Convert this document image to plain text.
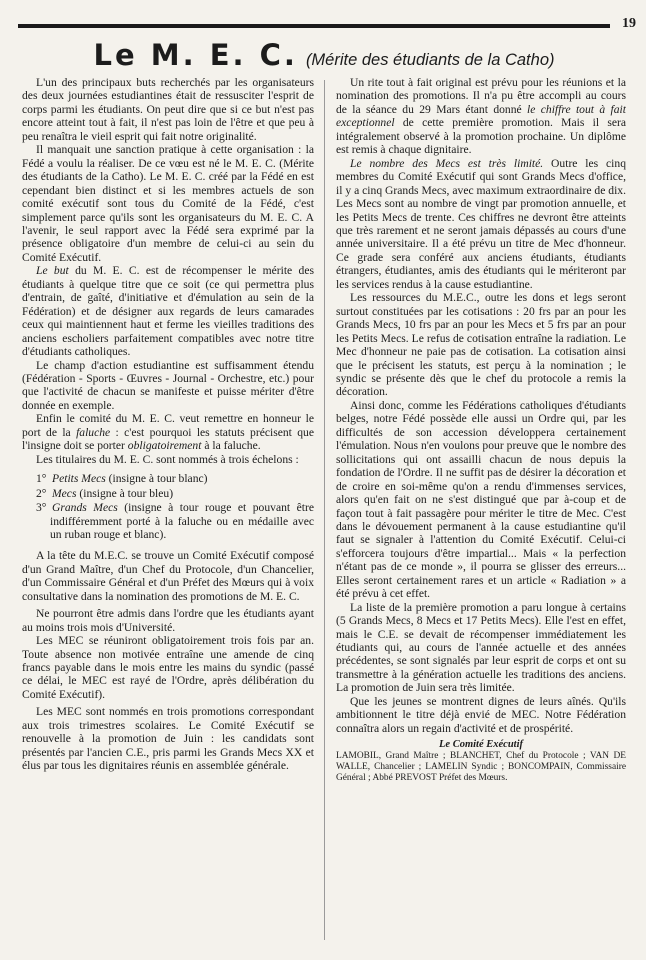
19
Le M. E. C. (Mérite des étudiants de la Catho)

L'un des principaux buts recherchés par les organisateurs des deux journées estudiantines était de ressusciter l'esprit de corps parmi les étudiants. On peut dire que si ce but n'est pas encore atteint tout à fait, il n'est pas loin de l'être et que peu à peu renaîtra le vieil esprit qui fait notre originalité.

Il manquait une sanction pratique à cette organisation : la Fédé a voulu la réaliser. De ce vœu est né le M. E. C. (Mérite des étudiants de la Catho). Le M. E. C. créé par la Fédé en est cependant bien distinct et si les membres actuels de son comité exécutif sont tous du Comité de la Fédé, c'est simplement parce qu'ils sont les organisateurs du M. E. C. A l'avenir, le seul rapport avec la Fédé sera exprimé par la présence obligatoire d'un membre de celui-ci au sein du Comité Exécutif.

Le but du M. E. C. est de récompenser le mérite des étudiants à quelque titre que ce soit (ce qui permettra plus d'entrain, de gaîté, d'initiative et d'émulation au sein de la Fédération) et de désigner aux regards de leurs camarades ceux qui maintiennent haut et ferme les vieilles traditions des anciens escholiers parfaitement compatibles avec notre titre d'étudiants catholiques.

Le champ d'action estudiantine est suffisamment étendu (Fédération - Sports - Œuvres - Journal - Orchestre, etc.) pour que l'activité de chacun se manifeste et puisse mériter d'être donnée en exemple.

Enfin le comité du M. E. C. veut remettre en honneur le port de la faluche : c'est pourquoi les statuts précisent que l'insigne doit se porter obligatoirement à la faluche.

Les titulaires du M. E. C. sont nommés à trois échelons :

1° Petits Mecs (insigne à tour blanc)
2° Mecs (insigne à tour bleu)
3° Grands Mecs (insigne à tour rouge et pouvant être indifféremment porté à la faluche ou en médaille avec un ruban rouge et blanc).

A la tête du M.E.C. se trouve un Comité Exécutif composé d'un Grand Maître, d'un Chef du Protocole, d'un Chancelier, d'un Commissaire Général et d'un Préfet des Mœurs qui à voix consultative dans la nomination des promotions de M. E. C.

Ne pourront être admis dans l'ordre que les étudiants ayant au moins trois mois d'Université.

Les MEC se réuniront obligatoirement trois fois par an. Toute absence non motivée entraîne une amende de cinq francs payable dans le mois entre les mains du syndic (passé ce délai, le MEC est rayé de l'Ordre, après délibération du Comité Exécutif).

Les MEC sont nommés en trois promotions correspondant aux trois trimestres scolaires. Le Comité Exécutif se renouvelle à la promotion de Juin : les candidats sont présentés par l'ancien C.E., pris parmi les Grands Mecs XX et élus par tous les dignitaires réunis en assemblée générale.

Un rite tout à fait original est prévu pour les réunions et la nomination des promotions. Il n'a pu être accompli au cours de la séance du 29 Mars étant donné le chiffre tout à fait exceptionnel de cette première promotion. Mais il sera intégralement observé à la promotion prochaine. Un diplôme est remis à chaque dignitaire.

Le nombre des Mecs est très limité. Outre les cinq membres du Comité Exécutif qui sont Grands Mecs d'office, il y a cinq Grands Mecs, avec maximum extraordinaire de dix. Les Mecs sont au nombre de vingt par promotion annuelle, et les Petits Mecs de trente. Ces chiffres ne devront être atteints que très rarement et ne seront jamais dépassés au cours d'une année universitaire. Il a été prévu un titre de Mec d'honneur. Ce grade sera conféré aux anciens étudiants, étudiants étrangers, étudiantes, amis des étudiants qui le mériteront par les services rendus à la cause estudiantine.

Les ressources du M.E.C., outre les dons et legs seront surtout constituées par les cotisations : 20 frs par an pour les Grands Mecs, 10 frs par an pour les Mecs et 5 frs par an pour les Petits Mecs. Le refus de cotisation entraîne la radiation. Le Mec d'honneur ne paie pas de cotisation. La cotisation ainsi que le précisent les statuts, est perçu à la nomination ; le syndic se présente dès que le chef du protocole a remis la décoration.

Ainsi donc, comme les Fédérations catholiques d'étudiants belges, notre Fédé possède elle aussi un Ordre qui, par les difficultés de son accession développera certainement l'émulation. Nous n'en voulons pour preuve que le nombre des sollicitations qui ont assailli chacun de nous depuis la fondation de l'Ordre. Il ne suffit pas de désirer la décoration et de croire en soi-même qu'on a rendu d'immenses services, alors qu'en fait on ne s'est distingué que par à-coup et de façon tout à fait passagère pour mériter le titre de Mec. C'est dans le dévouement permanent à la cause estudiantine qu'il faut se signaler à l'attention du Comité Exécutif. Celui-ci s'efforcera toujours d'être impartial... Mais « la perfection n'étant pas de ce monde », il pourra se glisser des erreurs... Elles seront certainement rares et un article « Radiation » a été prévu à cet effet.

La liste de la première promotion a paru longue à certains (5 Grands Mecs, 8 Mecs et 17 Petits Mecs). Elle l'est en effet, mais le C.E. se devait de récompenser immédiatement les étudiants qui, au cours de l'année actuelle et des années précédentes, se sont signalés par leur esprit de corps et ont su transmettre à la génération actuelle les traditions des anciens. La promotion de Juin sera très limitée.

Que les jeunes se montrent dignes de leurs aînés. Qu'ils ambitionnent le titre déjà envié de MEC. Notre Fédération connaîtra alors un regain d'activité et de prospérité.

Le Comité Exécutif
LAMOBIL, Grand Maître ; BLANCHET, Chef du Protocole ; VAN DE WALLE, Chancelier ; LAMELIN Syndic ; BONCOMPAIN, Commissaire Général ; Abbé PREVOST Préfet des Mœurs.
